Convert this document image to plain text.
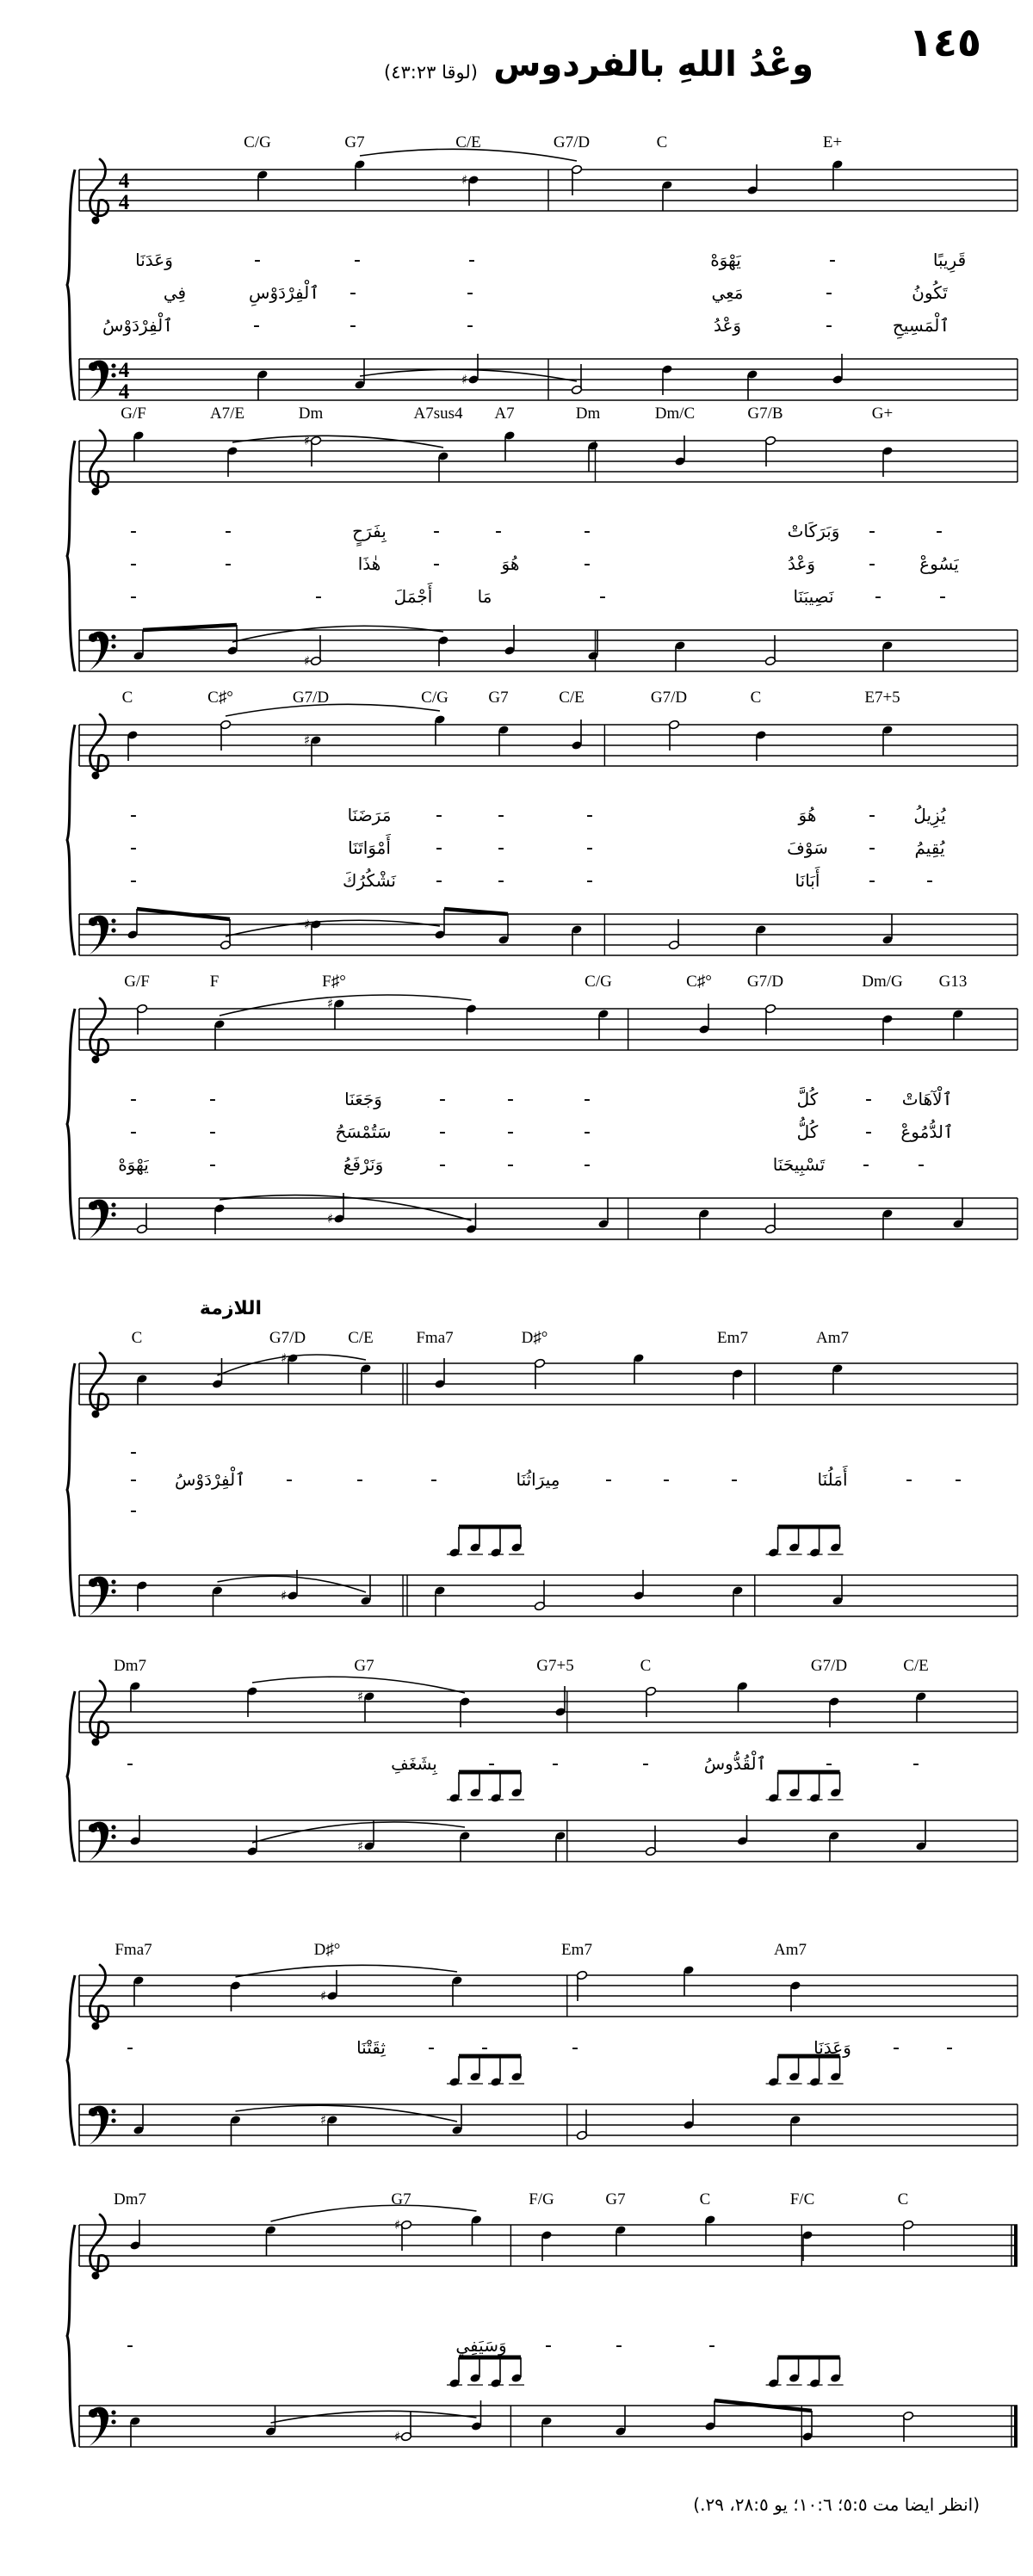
١٤٥
وعْدُ اللهِ بالفردوس
(لوقا ٤٣:٢٣)
4
4
4
4
♯
♯
C/G	G7	C/E	G7/D	C	E+
وَعَدَنَا	–	–	–	يَهْوَهْ	–	قَرِيبًا
فِي	ٱلْفِرْدَوْسِ –	–	مَعِي	–	تَكُونُ
ٱلْفِرْدَوْسُ	–	–	–	وَعْدُ	–	ٱلْمَسِيحِ
♯
♯
G/F	A7/E	Dm	A7sus4 A7	Dm	Dm/C	G7/B	G+
–	–	بِفَرَحٍ	–	–	–	وَبَرَكَاتْ –	–
–	–	هٰذَا	–	هُوَ	–	وَعْدُ	–	يَسُوعْ
–	–	أَجْمَلَ	مَا	–	نَصِيبَنَا	–	–
♯
♯
C	C♯°	G7/D	C/G G7	C/E	G7/D	C	E7+5
–	مَرَضَنَا	–	–	–	هُوَ	– يُزِيلُ
–	أَمْوَاتَنَا	–	–	–	سَوْفَ	– يُقِيمُ
–	نَشْكُرُكَ	–	–	–	أَبَانَا	–	–
♯
♯
G/F	F	F♯°	C/G	C♯° G7/D	Dm/G G13
–	–	وَجَعَنَا	–	–	–	كُلَّ	– ٱلْآهَاتْ
–	–	سَتُمْسَحُ	–	–	–	كُلُّ	– ٱلدُّمُوعْ
يَهْوَهْ	–	وَنَرْفَعُ	–	–	–	تَسْبِيحَنَا	–	–
♯
♯
اللازمة
C	G7/D	C/E	Fma7	D♯°	Em7	Am7
–
– ٱلْفِرْدَوْسُ	–	–	–	مِيرَاثُنَا	–	–	–	أَمَلُنَا	–	–
–
♯
♯
Dm7	G7	G7+5	C	G7/D	C/E
–	بِشَغَفِ	–	–	–	ٱلْقُدُّوسُ	–	–
♯
♯
Fma7	D♯°	Em7	Am7
–	ثِقَتْنَا	–	–	–	وَعَدَنَا	–	–
♯
♯
Dm7	G7	F/G	G7	C	F/C	C
–	وَسَيَفِي	–	–	–
(انظر ايضا مت ٥:٥؛ ١٠:٦؛ يو ٢٨:٥، ٢٩.)
